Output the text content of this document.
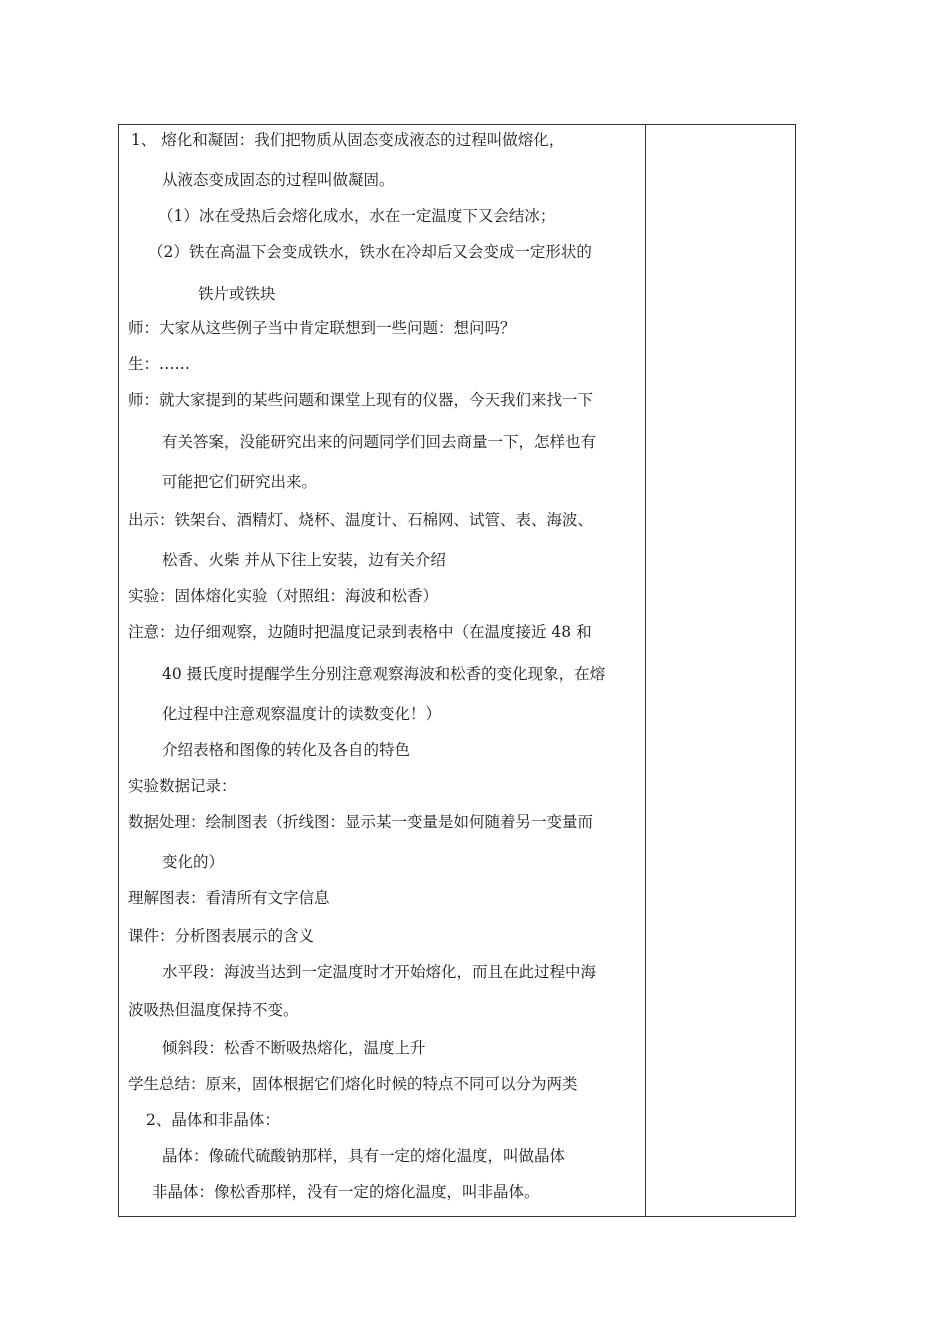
1、 熔化和凝固：我们把物质从固态变成液态的过程叫做熔化，
从液态变成固态的过程叫做凝固。
（1）冰在受热后会熔化成水，水在一定温度下又会结冰；
（2）铁在高温下会变成铁水，铁水在冷却后又会变成一定形状的
铁片或铁块
师：大家从这些例子当中肯定联想到一些问题：想问吗？
生：……
师：就大家提到的某些问题和课堂上现有的仪器，今天我们来找一下
有关答案，没能研究出来的问题同学们回去商量一下，怎样也有
可能把它们研究出来。
出示：铁架台、酒精灯、烧杯、温度计、石棉网、试管、表、海波、
松香、火柴 并从下往上安装，边有关介绍
实验：固体熔化实验（对照组：海波和松香）
注意：边仔细观察，边随时把温度记录到表格中（在温度接近 48 和
40 摄氏度时提醒学生分别注意观察海波和松香的变化现象，在熔
化过程中注意观察温度计的读数变化！）
介绍表格和图像的转化及各自的特色
实验数据记录：
数据处理：绘制图表（折线图：显示某一变量是如何随着另一变量而
变化的）
理解图表：看清所有文字信息
课件：分析图表展示的含义
水平段：海波当达到一定温度时才开始熔化，而且在此过程中海
波吸热但温度保持不变。
倾斜段：松香不断吸热熔化，温度上升
学生总结：原来，固体根据它们熔化时候的特点不同可以分为两类
2、晶体和非晶体：
晶体：像硫代硫酸钠那样，具有一定的熔化温度，叫做晶体
非晶体：像松香那样，没有一定的熔化温度，叫非晶体。
